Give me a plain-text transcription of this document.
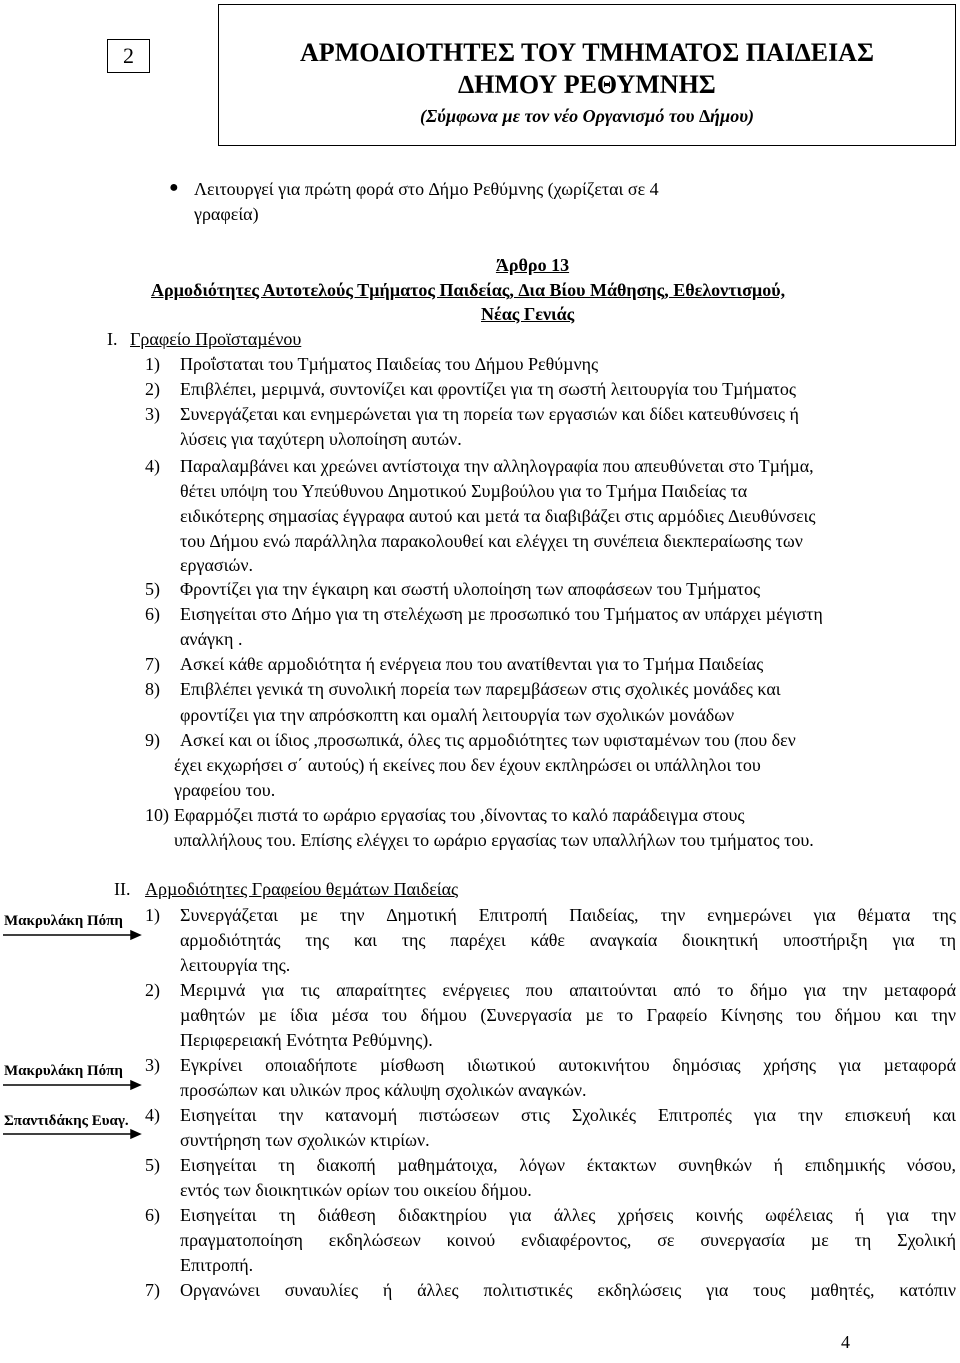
2	ΑΡΜΟ∆ΙΟΤΗΤΕΣ ΤΟΥ ΤΜΗΜΑΤΟΣ ΠΑΙ∆ΕΙΑΣ
∆ΗΜΟΥ ΡΕΘΥΜΝΗΣ
(Σύµφωνα µε τον νέο Οργανισµό του ∆ήµου)
● Λειτουργεί για πρώτη φορά στο ∆ήµο Ρεθύµνης (χωρίζεται σε 4
γραφεία)
Άρθρο 13
Αρµοδιότητες Αυτοτελούς Τµήµατος Παιδείας, ∆ια Βίου Μάθησης, Εθελοντισµού,
Νέας Γενιάς
Ι. Γραφείο Προϊσταµένου
1) Προΐσταται του Τµήµατος Παιδείας του ∆ήµου Ρεθύµνης
2) Επιβλέπει, µεριµνά, συντονίζει και φροντίζει για τη σωστή λειτουργία του Τµήµατος
3) Συνεργάζεται και ενηµερώνεται για τη πορεία των εργασιών και δίδει κατευθύνσεις ή
λύσεις για ταχύτερη υλοποίηση αυτών.
4) Παραλαµβάνει και χρεώνει αντίστοιχα την αλληλογραφία που απευθύνεται στο Τµήµα,
θέτει υπόψη του Υπεύθυνου ∆ηµοτικού Συµβούλου για το Τµήµα Παιδείας τα
ειδικότερης σηµασίας έγγραφα αυτού και µετά τα διαβιβάζει στις αρµόδιες ∆ιευθύνσεις
του ∆ήµου ενώ παράλληλα παρακολουθεί και ελέγχει τη συνέπεια διεκπεραίωσης των
εργασιών.
5) Φροντίζει για την έγκαιρη και σωστή υλοποίηση των αποφάσεων του Τµήµατος
6) Εισηγείται στο ∆ήµο για τη στελέχωση µε προσωπικό του Τµήµατος αν υπάρχει µέγιστη
ανάγκη .
7) Ασκεί κάθε αρµοδιότητα ή ενέργεια που του ανατίθενται για το Τµήµα Παιδείας
8) Επιβλέπει γενικά τη συνολική πορεία των παρεµβάσεων στις σχολικές µονάδες και
φροντίζει για την απρόσκοπτη και οµαλή λειτουργία των σχολικών µονάδων
9) Ασκεί και οι ίδιος ,προσωπικά, όλες τις αρµοδιότητες των υφισταµένων του (που δεν
έχει εκχωρήσει σ΄ αυτούς) ή εκείνες που δεν έχουν εκπληρώσει οι υπάλληλοι του
γραφείου του.
10) Εφαρµόζει πιστά το ωράριο εργασίας του ,δίνοντας το καλό παράδειγµα στους
υπαλλήλους του. Επίσης ελέγχει το ωράριο εργασίας των υπαλλήλων του τµήµατος του.
ΙΙ. Αρµοδιότητες Γραφείου θεµάτων Παιδείας
1) Συνεργάζεται µε την ∆ηµοτική Επιτροπή Παιδείας, την ενηµερώνει για θέµατα της
αρµοδιότητάς της και της παρέχει κάθε αναγκαία διοικητική υποστήριξη για τη
λειτουργία της.
2) Μεριµνά για τις απαραίτητες ενέργειες που απαιτούνται από το δήµο για την µεταφορά
µαθητών µε ίδια µέσα του δήµου (Συνεργασία µε το Γραφείο Κίνησης του δήµου και την
Περιφερειακή Ενότητα Ρεθύµνης).
3) Εγκρίνει οποιαδήποτε µίσθωση ιδιωτικού αυτοκινήτου δηµόσιας χρήσης για µεταφορά
προσώπων και υλικών προς κάλυψη σχολικών αναγκών.
4) Εισηγείται την κατανοµή πιστώσεων στις Σχολικές Επιτροπές για την επισκευή και
συντήρηση των σχολικών κτιρίων.
5) Εισηγείται τη διακοπή µαθηµάτοιχα, λόγων έκτακτων συνηθκών ή επιδηµικής νόσου,
εντός των διοικητικών ορίων του οικείου δήµου.
6) Εισηγείται τη διάθεση διδακτηρίου για άλλες χρήσεις κοινής ωφέλειας ή για την
πραγµατοποίηση εκδηλώσεων κοινού ενδιαφέροντος, σε συνεργασία µε τη Σχολική
Επιτροπή.
7) Οργανώνει συναυλίες ή άλλες πολιτιστικές εκδηλώσεις για τους µαθητές, κατόπιν
Μακρυλάκη Πόπη
Μακρυλάκη Πόπη
Σπαντιδάκης Ευαγ.
4
